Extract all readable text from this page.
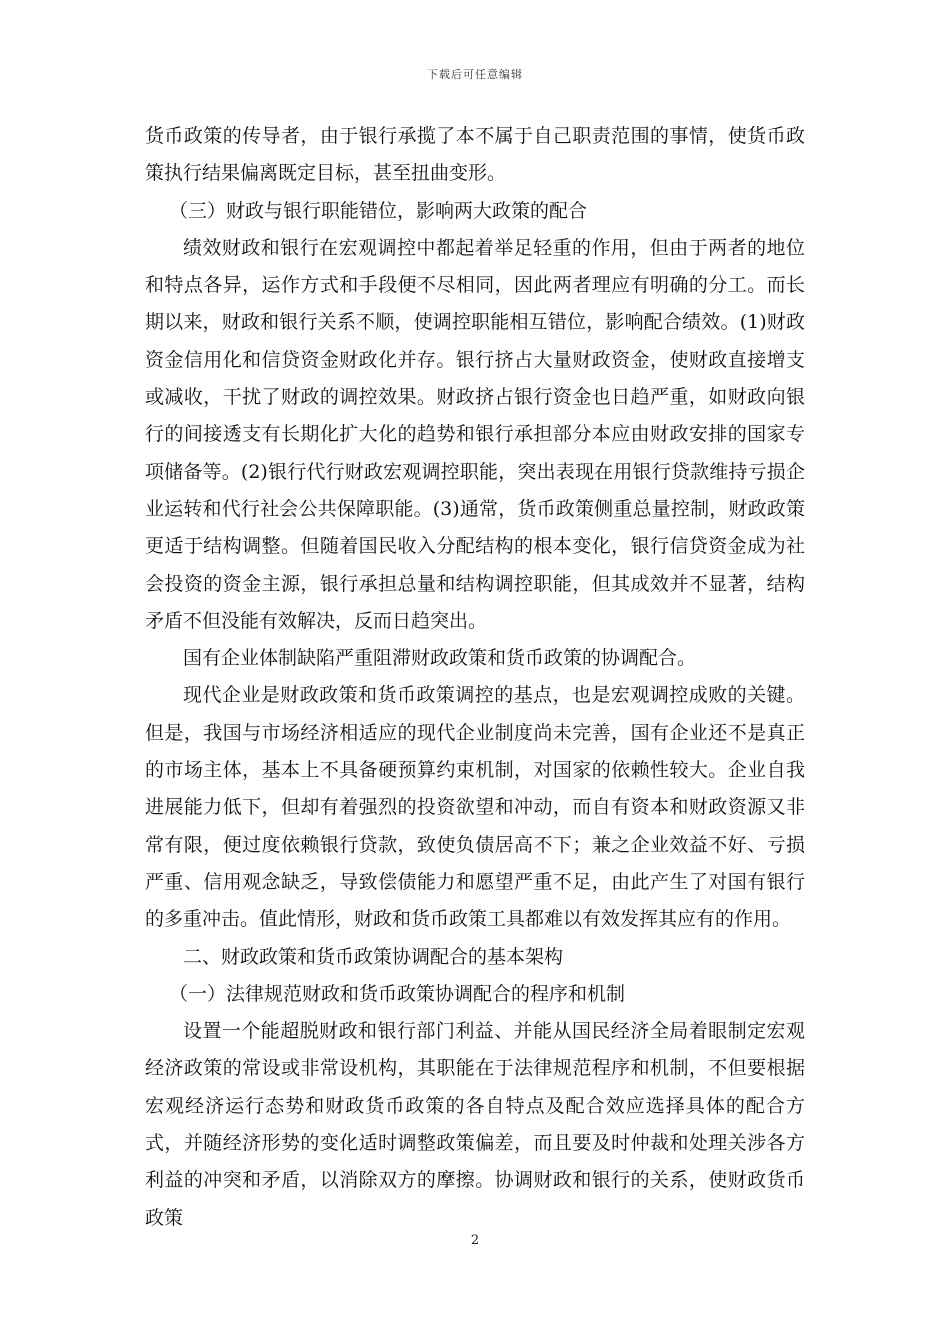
下载后可任意编辑

货币政策的传导者，由于银行承揽了本不属于自己职责范围的事情，使货币政策执行结果偏离既定目标，甚至扭曲变形。

（三）财政与银行职能错位，影响两大政策的配合

绩效财政和银行在宏观调控中都起着举足轻重的作用，但由于两者的地位和特点各异，运作方式和手段便不尽相同，因此两者理应有明确的分工。而长期以来，财政和银行关系不顺，使调控职能相互错位，影响配合绩效。(1)财政资金信用化和信贷资金财政化并存。银行挤占大量财政资金，使财政直接增支或减收，干扰了财政的调控效果。财政挤占银行资金也日趋严重，如财政向银行的间接透支有长期化扩大化的趋势和银行承担部分本应由财政安排的国家专项储备等。(2)银行代行财政宏观调控职能，突出表现在用银行贷款维持亏损企业运转和代行社会公共保障职能。(3)通常，货币政策侧重总量控制，财政政策更适于结构调整。但随着国民收入分配结构的根本变化，银行信贷资金成为社会投资的资金主源，银行承担总量和结构调控职能，但其成效并不显著，结构矛盾不但没能有效解决，反而日趋突出。

国有企业体制缺陷严重阻滞财政政策和货币政策的协调配合。

现代企业是财政政策和货币政策调控的基点，也是宏观调控成败的关键。但是，我国与市场经济相适应的现代企业制度尚未完善，国有企业还不是真正的市场主体，基本上不具备硬预算约束机制，对国家的依赖性较大。企业自我进展能力低下，但却有着强烈的投资欲望和冲动，而自有资本和财政资源又非常有限，便过度依赖银行贷款，致使负债居高不下；兼之企业效益不好、亏损严重、信用观念缺乏，导致偿债能力和愿望严重不足，由此产生了对国有银行的多重冲击。值此情形，财政和货币政策工具都难以有效发挥其应有的作用。

二、财政政策和货币政策协调配合的基本架构

（一）法律规范财政和货币政策协调配合的程序和机制

设置一个能超脱财政和银行部门利益、并能从国民经济全局着眼制定宏观经济政策的常设或非常设机构，其职能在于法律规范程序和机制，不但要根据宏观经济运行态势和财政货币政策的各自特点及配合效应选择具体的配合方式，并随经济形势的变化适时调整政策偏差，而且要及时仲裁和处理关涉各方利益的冲突和矛盾，以消除双方的摩擦。协调财政和银行的关系，使财政货币政策

2
